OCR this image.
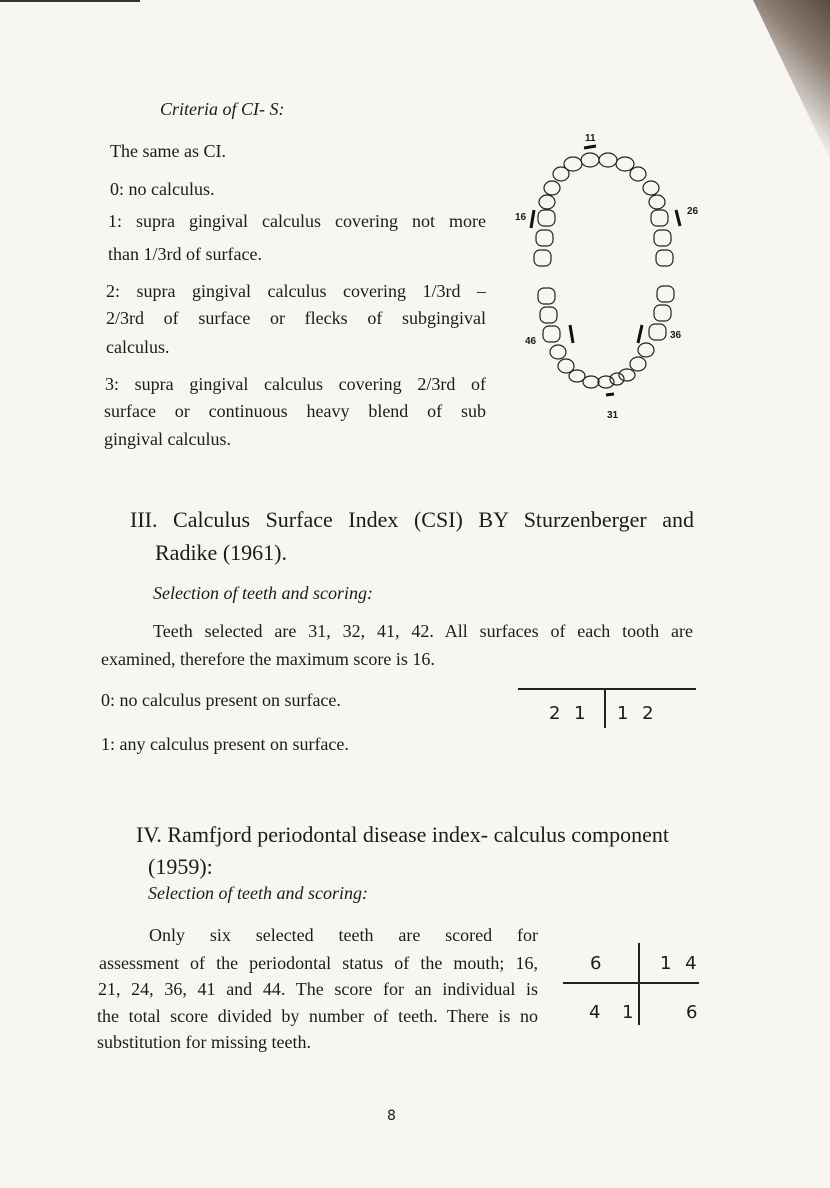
Criteria of CI- S:
The same as CI.
0: no calculus.
1: supra gingival calculus covering not more
than 1/3rd of surface.
2: supra gingival calculus covering 1/3rd –
2/3rd of surface or flecks of subgingival
calculus.
3: supra gingival calculus covering 2/3rd of
surface or continuous heavy blend of sub
gingival calculus.
11
16
26
46
36
31
III. Calculus Surface Index (CSI) BY Sturzenberger and
Radike (1961).
Selection of teeth and scoring:
Teeth selected are 31, 32, 41, 42. All surfaces of each tooth are
examined, therefore the maximum score is 16.
0: no calculus present on surface.
1: any calculus present on surface.
2 1 1 2
IV. Ramfjord periodontal disease index- calculus component
(1959):
Selection of teeth and scoring:
Only six selected teeth are scored for
assessment of the periodontal status of the mouth; 16,
21, 24, 36, 41 and 44. The score for an individual is
the total score divided by number of teeth. There is no
substitution for missing teeth.
6	1 4
4 1 6
8
